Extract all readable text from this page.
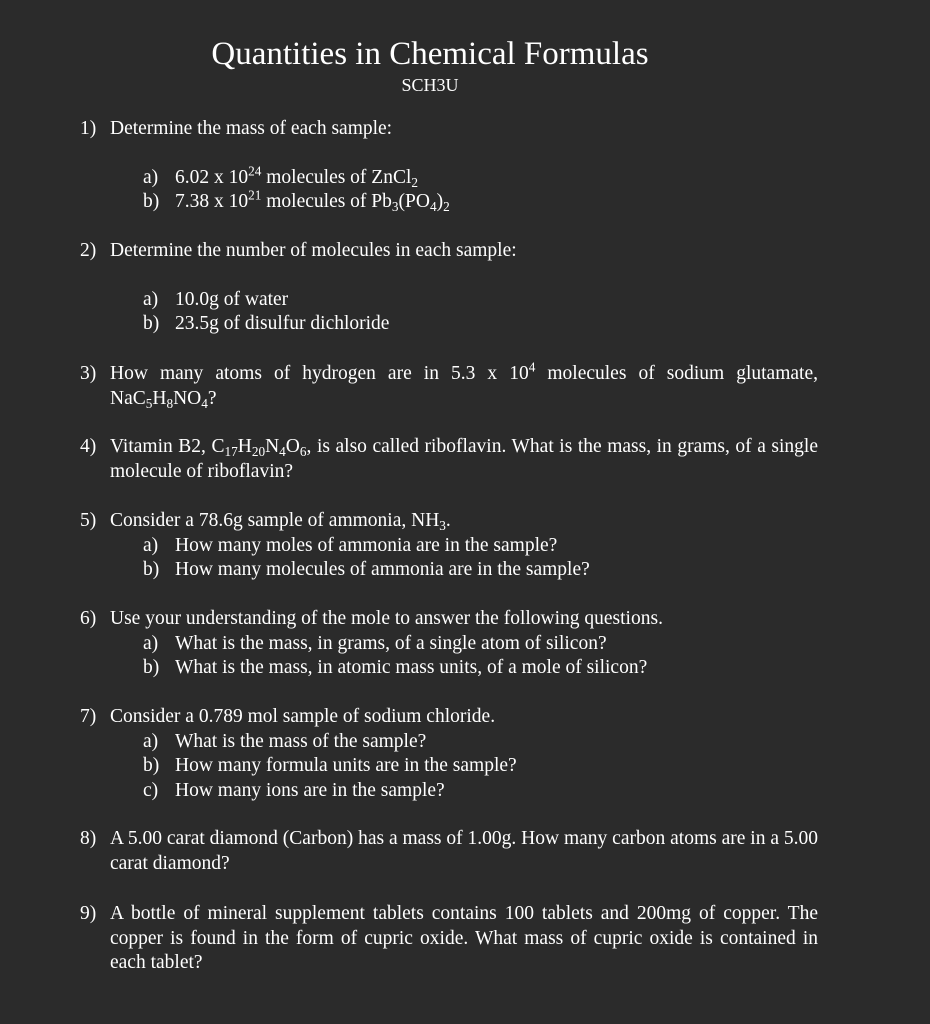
Quantities in Chemical Formulas
SCH3U
1) Determine the mass of each sample:
a) 6.02 x $10^{24}$ molecules of ZnCl$_2$
b) 7.38 x $10^{21}$ molecules of $Pb_3(PO_4)_2$
2) Determine the number of molecules in each sample:
a) 10.0g of water
b) 23.5g of disulfur dichloride
3) How many atoms of hydrogen are in 5.3 x $10^4$ molecules of sodium glutamate, $NaC_5H_8NO_4$?
4) Vitamin B2, $C_{17}H_{20}N_4O_6$, is also called riboflavin. What is the mass, in grams, of a single molecule of riboflavin?
5) Consider a 78.6g sample of ammonia, $NH_3$.
a) How many moles of ammonia are in the sample?
b) How many molecules of ammonia are in the sample?
6) Use your understanding of the mole to answer the following questions.
a) What is the mass, in grams, of a single atom of silicon?
b) What is the mass, in atomic mass units, of a mole of silicon?
7) Consider a 0.789 mol sample of sodium chloride.
a) What is the mass of the sample?
b) How many formula units are in the sample?
c) How many ions are in the sample?
8) A 5.00 carat diamond (Carbon) has a mass of 1.00g. How many carbon atoms are in a 5.00 carat diamond?
9) A bottle of mineral supplement tablets contains 100 tablets and 200mg of copper. The copper is found in the form of cupric oxide. What mass of cupric oxide is contained in each tablet?
